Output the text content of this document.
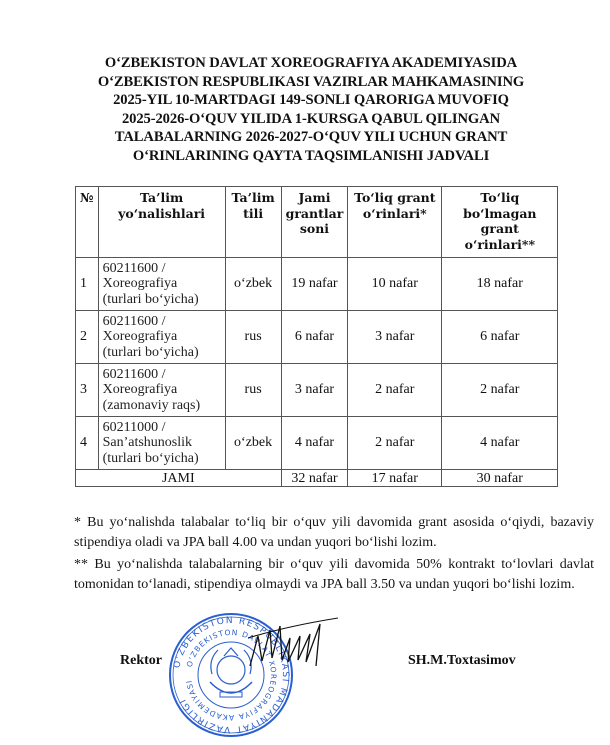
O‘ZBEKISTON DAVLAT XOREOGRAFIYA AKADEMIYASIDA
O‘ZBEKISTON RESPUBLIKASI VAZIRLAR MAHKAMASINING
2025-YIL 10-MARTDAGI 149-SONLI QARORIGA MUVOFIQ
2025-2026-O‘QUV YILIDA 1-KURSGA QABUL QILINGAN
TALABALARNING 2026-2027-O‘QUV YILI UCHUN GRANT
O‘RINLARINING QAYTA TAQSIMLANISHI JADVALI
№	Ta’lim yo‘nalishlari	Ta’lim tili	Jami grantlar soni	To‘liq grant o‘rinlari*	To‘liq bo‘lmagan grant o‘rinlari**
1	60211600 /
Xoreografiya
(turlari bo‘yicha)	o‘zbek	19 nafar	10 nafar	18 nafar
2	60211600 /
Xoreografiya
(turlari bo‘yicha)	rus	6 nafar	3 nafar	6 nafar
3	60211600 /
Xoreografiya
(zamonaviy raqs)	rus	3 nafar	2 nafar	2 nafar
4	60211000 /
San’atshunoslik
(turlari bo‘yicha)	o‘zbek	4 nafar	2 nafar	4 nafar
JAMI			32 nafar	17 nafar	30 nafar
* Bu yo‘nalishda talabalar to‘liq bir o‘quv yili davomida grant asosida o‘qiydi, bazaviy stipendiya oladi va JPA ball 4.00 va undan yuqori bo‘lishi lozim.
** Bu yo‘nalishda talabalarning bir o‘quv yili davomida 50% kontrakt to‘lovlari davlat tomonidan to‘lanadi, stipendiya olmaydi va JPA ball 3.50 va undan yuqori bo‘lishi lozim.
O‘ZBEKISTON RESPUBLIKASI MADANIYAT VAZIRLIGI
O‘ZBEKISTON DAVLAT XOREOGRAFIYA AKADEMIYASI
Rektor	SH.M.Toxtasimov
